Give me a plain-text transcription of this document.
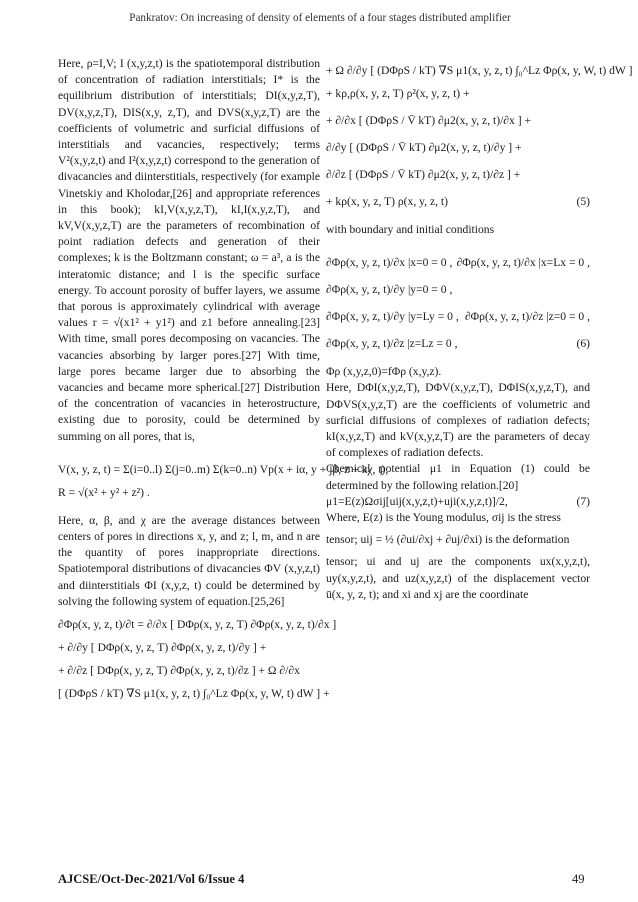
Pankratov: On increasing of density of elements of a four stages distributed amplifier

Here, ρ=I,V; I (x,y,z,t) is the spatiotemporal distribution of concentration of radiation interstitials; I* is the equilibrium distribution of interstitials; DI(x,y,z,T), DV(x,y,z,T), DIS(x,y, z,T), and DVS(x,y,z,T) are the coefficients of volumetric and surficial diffusions of interstitials and vacancies, respectively; terms V²(x,y,z,t) and I²(x,y,z,t) correspond to the generation of divacancies and diinterstitials, respectively (for example Vinetskiy and Kholodar,[26] and appropriate references in this book); kI,V(x,y,z,T), kI,I(x,y,z,T), and kV,V(x,y,z,T) are the parameters of recombination of point radiation defects and generation of their complexes; k is the Boltzmann constant; ω = a³, a is the interatomic distance; and l is the specific surface energy. To account porosity of buffer layers, we assume that porous is approximately cylindrical with average values r = √(x1² + y1²) and z1 before annealing.[23] With time, small pores decomposing on vacancies. The vacancies absorbing by larger pores.[27] With time, large pores became larger due to absorbing the vacancies and became more spherical.[27] Distribution of the concentration of vacancies in heterostructure, existing due to porosity, could be determined by summing on all pores, that is,

V(x, y, z, t) = Σ(i=0..l) Σ(j=0..m) Σ(k=0..n) Vp(x + iα, y + jβ, z + kχ, t),
R = √(x² + y² + z²) .

Here, α, β, and χ are the average distances between centers of pores in directions x, y, and z; l, m, and n are the quantity of pores inappropriate directions. Spatiotemporal distributions of divacancies ΦV (x,y,z,t) and diinterstitials ΦI (x,y,z, t) could be determined by solving the following system of equation.[25,26]

∂Φρ(x, y, z, t)/∂t = ∂/∂x [ DΦρ(x, y, z, T) ∂Φρ(x, y, z, t)/∂x ]
+ ∂/∂y [ DΦρ(x, y, z, T) ∂Φρ(x, y, z, t)/∂y ] +
+ ∂/∂z [ DΦρ(x, y, z, T) ∂Φρ(x, y, z, t)/∂z ] + Ω ∂/∂x
[ (DΦρS / kT) ∇S μ1(x, y, z, t) ∫₀^Lz Φρ(x, y, W, t) dW ] +
+ Ω ∂/∂y [ (DΦρS / kT) ∇S μ1(x, y, z, t) ∫₀^Lz Φρ(x, y, W, t) dW ]
+ kρ,ρ(x, y, z, T) ρ²(x, y, z, t) +
+ ∂/∂x [ (DΦρS / V̄ kT) ∂μ2(x, y, z, t)/∂x ] +
∂/∂y [ (DΦρS / V̄ kT) ∂μ2(x, y, z, t)/∂y ] +
∂/∂z [ (DΦρS / V̄ kT) ∂μ2(x, y, z, t)/∂z ] +
+ kρ(x, y, z, T) ρ(x, y, z, t)	(5)

with boundary and initial conditions

∂Φρ(x, y, z, t)/∂x |x=0 = 0 , ∂Φρ(x, y, z, t)/∂x |x=Lx = 0 ,
∂Φρ(x, y, z, t)/∂y |y=0 = 0 ,
∂Φρ(x, y, z, t)/∂y |y=Ly = 0 , ∂Φρ(x, y, z, t)/∂z |z=0 = 0 ,
∂Φρ(x, y, z, t)/∂z |z=Lz = 0 ,	(6)

Φρ (x,y,z,0)=fΦρ (x,y,z).

Here, DΦI(x,y,z,T), DΦV(x,y,z,T), DΦIS(x,y,z,T), and DΦVS(x,y,z,T) are the coefficients of volumetric and surficial diffusions of complexes of radiation defects; kI(x,y,z,T) and kV(x,y,z,T) are the parameters of decay of complexes of radiation defects.

Chemical potential μ1 in Equation (1) could be determined by the following relation.[20]

μ1=E(z)Ωσij[uij(x,y,z,t)+uji(x,y,z,t)]/2,	(7)

Where, E(z) is the Young modulus, σij is the stress

tensor; uij = ½ (∂ui/∂xj + ∂uj/∂xi) is the deformation

tensor; ui and uj are the components ux(x,y,z,t), uy(x,y,z,t), and uz(x,y,z,t) of the displacement vector ū(x, y, z, t); and xi and xj are the coordinate

AJCSE/Oct-Dec-2021/Vol 6/Issue 4	49
